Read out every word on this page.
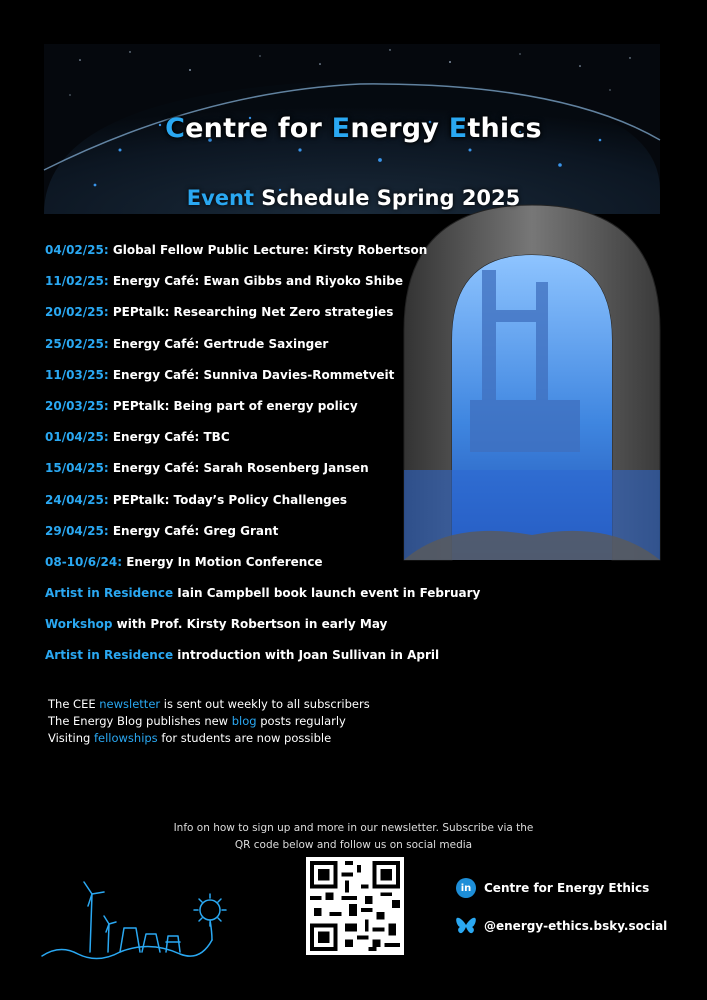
Centre for Energy Ethics
Event Schedule Spring 2025
04/02/25: Global Fellow Public Lecture: Kirsty Robertson
11/02/25: Energy Café: Ewan Gibbs and Riyoko Shibe
20/02/25: PEPtalk: Researching Net Zero strategies
25/02/25: Energy Café: Gertrude Saxinger
11/03/25: Energy Café: Sunniva Davies-Rommetveit
20/03/25: PEPtalk: Being part of energy policy
01/04/25: Energy Café: TBC
15/04/25: Energy Café: Sarah Rosenberg Jansen
24/04/25: PEPtalk: Today’s Policy Challenges
29/04/25: Energy Café: Greg Grant
08-10/6/24: Energy In Motion Conference
Artist in Residence Iain Campbell book launch event in February
Workshop with Prof. Kirsty Robertson in early May
Artist in Residence introduction with Joan Sullivan in April
The CEE newsletter is sent out weekly to all subscribers
The Energy Blog publishes new blog posts regularly
Visiting fellowships for students are now possible
Info on how to sign up and more in our newsletter. Subscribe via the
QR code below and follow us on social media
in	Centre for Energy Ethics
@energy-ethics.bsky.social
